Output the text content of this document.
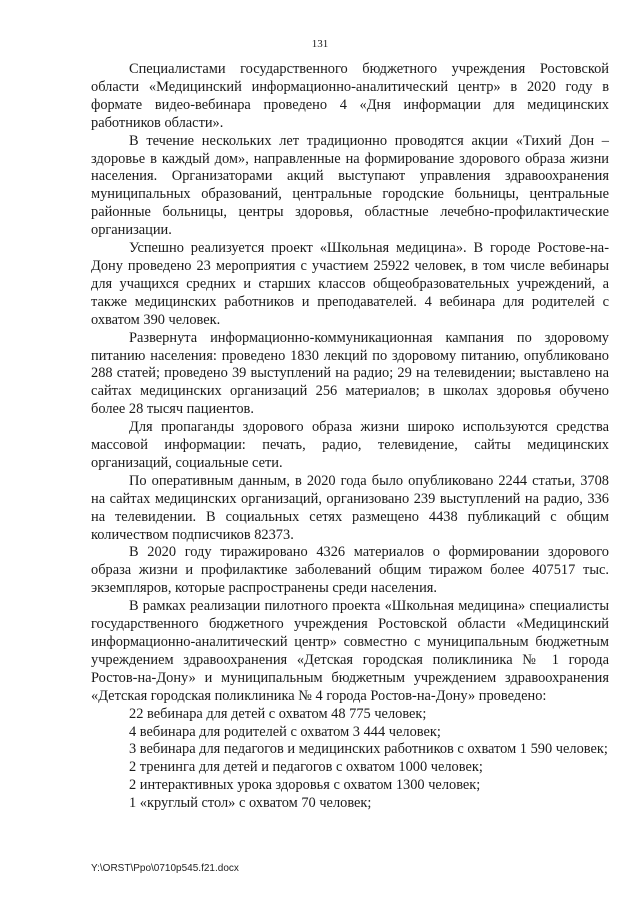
131

Специалистами государственного бюджетного учреждения Ростовской области «Медицинский информационно-аналитический центр» в 2020 году в формате видео-вебинара проведено 4 «Дня информации для медицинских работников области».

В течение нескольких лет традиционно проводятся акции «Тихий Дон – здоровье в каждый дом», направленные на формирование здорового образа жизни населения. Организаторами акций выступают управления здравоохранения муниципальных образований, центральные городские больницы, центральные районные больницы, центры здоровья, областные лечебно-профилактические организации.

Успешно реализуется проект «Школьная медицина». В городе Ростове-на-Дону проведено 23 мероприятия с участием 25922 человек, в том числе вебинары для учащихся средних и старших классов общеобразовательных учреждений, а также медицинских работников и преподавателей. 4 вебинара для родителей с охватом 390 человек.

Развернута информационно-коммуникационная кампания по здоровому питанию населения: проведено 1830 лекций по здоровому питанию, опубликовано 288 статей; проведено 39 выступлений на радио; 29 на телевидении; выставлено на сайтах медицинских организаций 256 материалов; в школах здоровья обучено более 28 тысяч пациентов.

Для пропаганды здорового образа жизни широко используются средства массовой информации: печать, радио, телевидение, сайты медицинских организаций, социальные сети.

По оперативным данным, в 2020 года было опубликовано 2244 статьи, 3708 на сайтах медицинских организаций, организовано 239 выступлений на радио, 336 на телевидении. В социальных сетях размещено 4438 публикаций с общим количеством подписчиков 82373.

В 2020 году тиражировано 4326 материалов о формировании здорового образа жизни и профилактике заболеваний общим тиражом более 407517 тыс. экземпляров, которые распространены среди населения.

В рамках реализации пилотного проекта «Школьная медицина» специалисты государственного бюджетного учреждения Ростовской области «Медицинский информационно-аналитический центр» совместно с муниципальным бюджетным учреждением здравоохранения «Детская городская поликлиника № 1 города Ростов-на-Дону» и муниципальным бюджетным учреждением здравоохранения «Детская городская поликлиника № 4 города Ростов-на-Дону» проведено:

22 вебинара для детей с охватом 48 775 человек;

4 вебинара для родителей с охватом 3 444 человек;

3 вебинара для педагогов и медицинских работников с охватом 1 590 человек;

2 тренинга для детей и педагогов с охватом 1000 человек;

2 интерактивных урока здоровья с охватом 1300 человек;

1 «круглый стол» с охватом 70 человек;

Y:\ORST\Ppo\0710p545.f21.docx
